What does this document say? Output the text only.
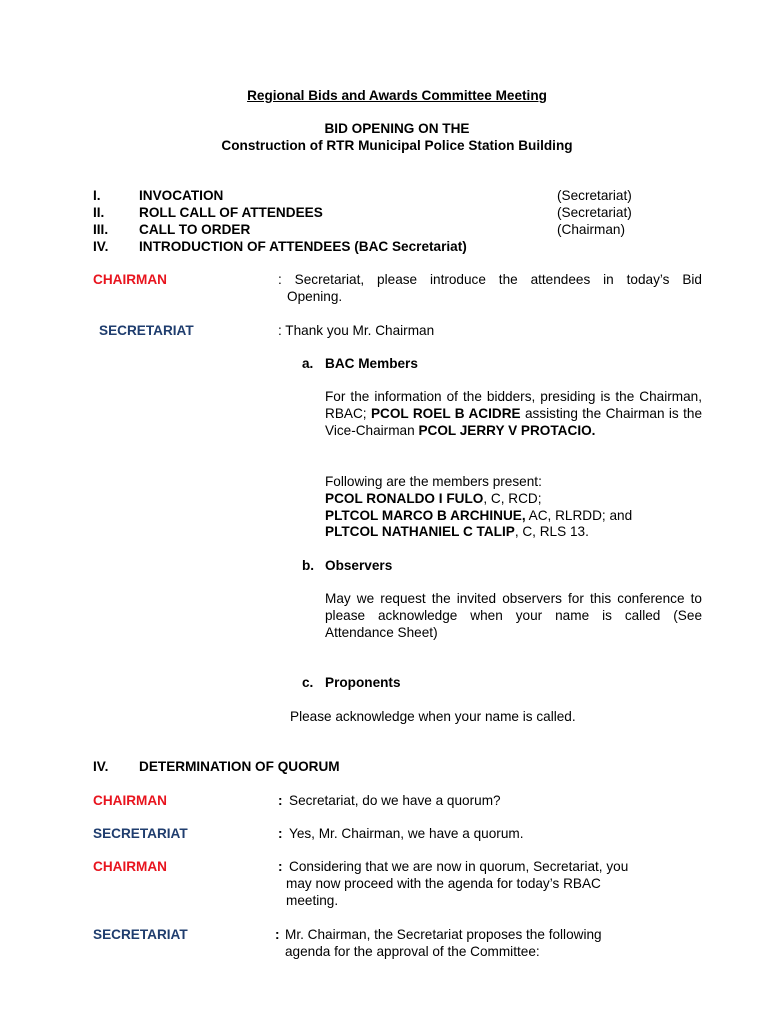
Regional Bids and Awards Committee Meeting
BID OPENING ON THE
Construction of RTR Municipal Police Station Building
I.	INVOCATION	(Secretariat)
II.	ROLL CALL OF ATTENDEES	(Secretariat)
III. CALL TO ORDER	(Chairman)
IV. INTRODUCTION OF ATTENDEES (BAC Secretariat)
CHAIRMAN	: Secretariat, please introduce the attendees in today’s Bid
Opening.
SECRETARIAT	: Thank you Mr. Chairman
a. BAC Members
For the information of the bidders, presiding is the Chairman, RBAC; PCOL ROEL B ACIDRE assisting the Chairman is the Vice-Chairman PCOL JERRY V PROTACIO.
Following are the members present:
PCOL RONALDO I FULO, C, RCD;
PLTCOL MARCO B ARCHINUE, AC, RLRDD; and
PLTCOL NATHANIEL C TALIP, C, RLS 13.
b. Observers
May we request the invited observers for this conference to please acknowledge when your name is called (See Attendance Sheet)
c. Proponents
Please acknowledge when your name is called.
IV. DETERMINATION OF QUORUM
CHAIRMAN	: Secretariat, do we have a quorum?
SECRETARIAT	: Yes, Mr. Chairman, we have a quorum.
CHAIRMAN	: Considering that we are now in quorum, Secretariat, you
may now proceed with the agenda for today’s RBAC
meeting.
SECRETARIAT	: Mr. Chairman, the Secretariat proposes the following
agenda for the approval of the Committee:
